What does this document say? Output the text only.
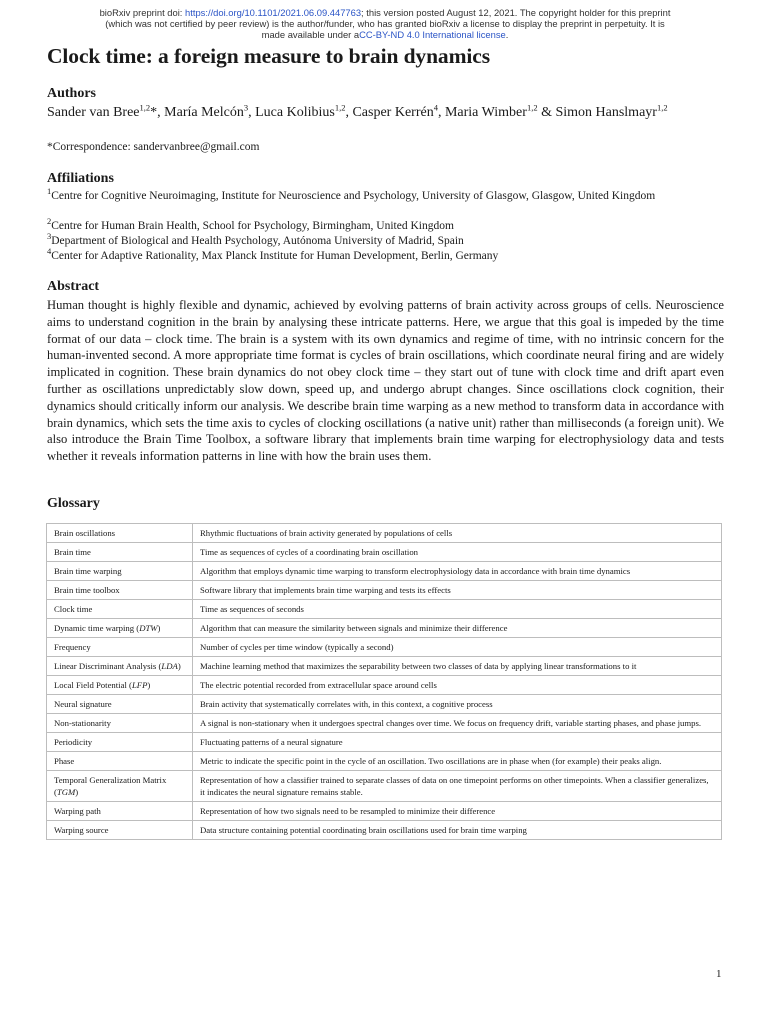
bioRxiv preprint doi: https://doi.org/10.1101/2021.06.09.447763; this version posted August 12, 2021. The copyright holder for this preprint
(which was not certified by peer review) is the author/funder, who has granted bioRxiv a license to display the preprint in perpetuity. It is
made available under aCC-BY-ND 4.0 International license.
Clock time: a foreign measure to brain dynamics
Authors
Sander van Bree$^{1,2}$*, María Melcón$^3$, Luca Kolibius$^{1,2}$, Casper Kerrén$^4$, Maria Wimber$^{1,2}$ & Simon Hanslmayr$^{1,2}$
*Correspondence: sandervanbree@gmail.com
Affiliations
$^1$Centre for Cognitive Neuroimaging, Institute for Neuroscience and Psychology, University of Glasgow, Glasgow, United Kingdom
$^2$Centre for Human Brain Health, School for Psychology, Birmingham, United Kingdom
$^3$Department of Biological and Health Psychology, Autónoma University of Madrid, Spain
$^4$Center for Adaptive Rationality, Max Planck Institute for Human Development, Berlin, Germany
Abstract

Human thought is highly flexible and dynamic, achieved by evolving patterns of brain activity across groups of cells. Neuroscience aims to understand cognition in the brain by analysing these intricate patterns. Here, we argue that this goal is impeded by the time format of our data – clock time. The brain is a system with its own dynamics and regime of time, with no intrinsic concern for the human-invented second. A more appropriate time format is cycles of brain oscillations, which coordinate neural firing and are widely implicated in cognition. These brain dynamics do not obey clock time – they start out of tune with clock time and drift apart even further as oscillations unpredictably slow down, speed up, and undergo abrupt changes. Since oscillations clock cognition, their dynamics should critically inform our analysis. We describe brain time warping as a new method to transform data in accordance with brain dynamics, which sets the time axis to cycles of clocking oscillations (a native unit) rather than milliseconds (a foreign unit). We also introduce the Brain Time Toolbox, a software library that implements brain time warping for electrophysiology data and tests whether it reveals information patterns in line with how the brain uses them.

Glossary
Brain oscillations	Rhythmic fluctuations of brain activity generated by populations of cells
Brain time	Time as sequences of cycles of a coordinating brain oscillation
Brain time warping	Algorithm that employs dynamic time warping to transform electrophysiology data in accordance with brain time dynamics
Brain time toolbox	Software library that implements brain time warping and tests its effects
Clock time	Time as sequences of seconds
Dynamic time warping (DTW)	Algorithm that can measure the similarity between signals and minimize their difference
Frequency	Number of cycles per time window (typically a second)
Linear Discriminant Analysis (LDA)	Machine learning method that maximizes the separability between two classes of data by applying linear transformations to it
Local Field Potential (LFP)	The electric potential recorded from extracellular space around cells
Neural signature	Brain activity that systematically correlates with, in this context, a cognitive process
Non-stationarity	A signal is non-stationary when it undergoes spectral changes over time. We focus on frequency drift, variable starting phases, and phase jumps.
Periodicity	Fluctuating patterns of a neural signature
Phase	Metric to indicate the specific point in the cycle of an oscillation. Two oscillations are in phase when (for example) their peaks align.
Temporal Generalization Matrix (TGM)	Representation of how a classifier trained to separate classes of data on one timepoint performs on other timepoints. When a classifier generalizes, it indicates the neural signature remains stable.
Warping path	Representation of how two signals need to be resampled to minimize their difference
Warping source	Data structure containing potential coordinating brain oscillations used for brain time warping
1
